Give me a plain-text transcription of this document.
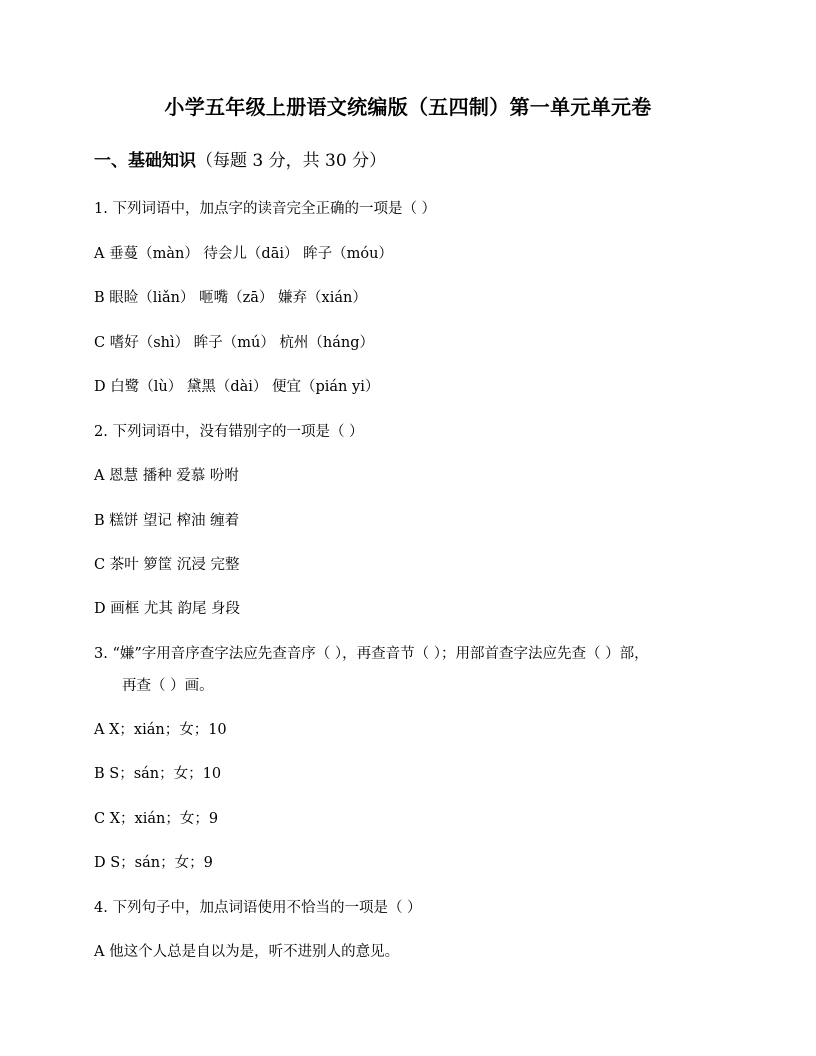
小学五年级上册语文统编版（五四制）第一单元单元卷
一、基础知识（每题 3 分，共 30 分）
1. 下列词语中，加点字的读音完全正确的一项是（ ）
A 垂蔓（màn） 待会儿（dāi） 眸子（móu）
B 眼睑（liǎn） 咂嘴（zā） 嫌弃（xián）
C 嗜好（shì） 眸子（mú） 杭州（háng）
D 白鹭（lù） 黛黑（dài） 便宜（pián yi）
2. 下列词语中，没有错别字的一项是（ ）
A 恩慧 播种 爱慕 吩咐
B 糕饼 望记 榨油 缠着
C 茶叶 箩筐 沉浸 完整
D 画框 尤其 韵尾 身段
3. “嫌”字用音序查字法应先查音序（ ），再查音节（ ）；用部首查字法应先查（ ）部，
再查（ ）画。
A X；xián；女；10
B S；sán；女；10
C X；xián；女；9
D S；sán；女；9
4. 下列句子中，加点词语使用不恰当的一项是（ ）
A 他这个人总是自以为是，听不进别人的意见。
